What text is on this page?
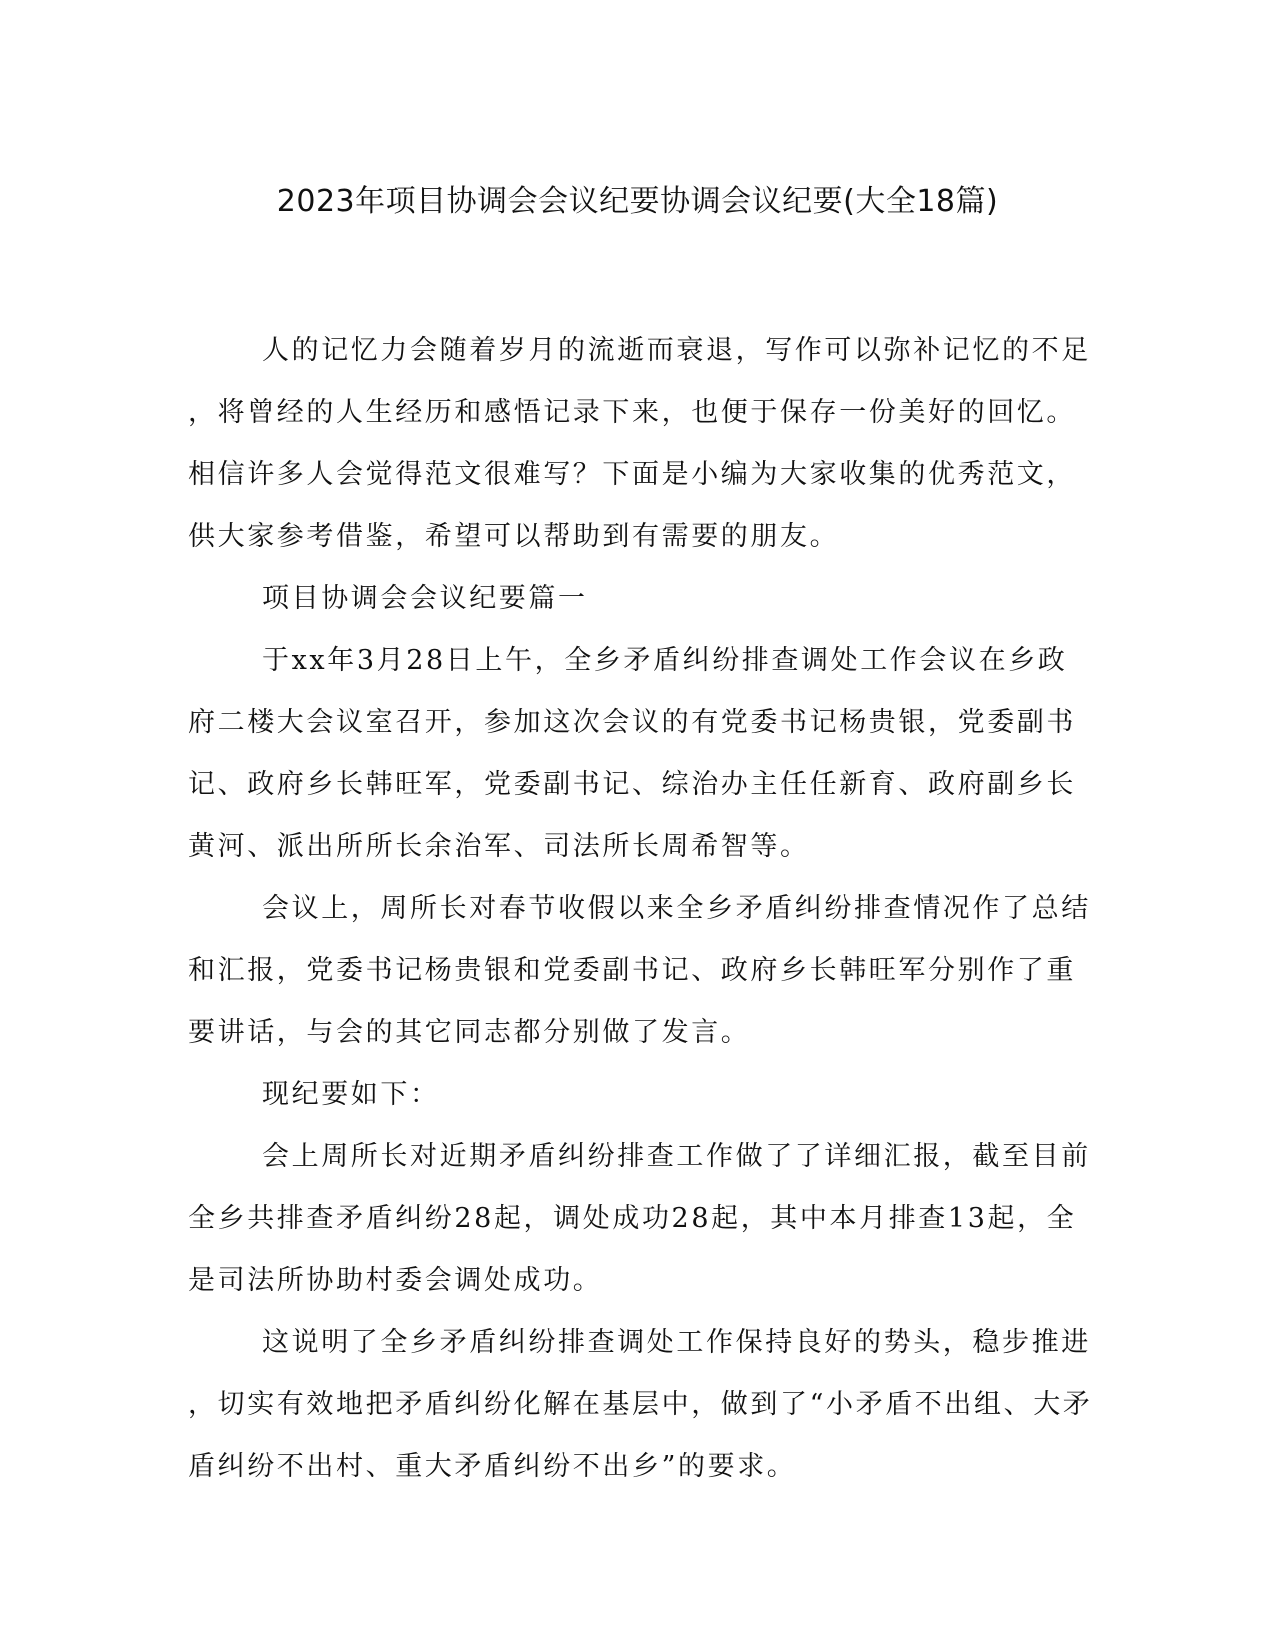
2023年项目协调会会议纪要协调会议纪要(大全18篇)
人的记忆力会随着岁月的流逝而衰退，写作可以弥补记忆的不足
，将曾经的人生经历和感悟记录下来，也便于保存一份美好的回忆。
相信许多人会觉得范文很难写？下面是小编为大家收集的优秀范文，
供大家参考借鉴，希望可以帮助到有需要的朋友。
项目协调会会议纪要篇一
于xx年3月28日上午，全乡矛盾纠纷排查调处工作会议在乡政
府二楼大会议室召开，参加这次会议的有党委书记杨贵银，党委副书
记、政府乡长韩旺军，党委副书记、综治办主任任新育、政府副乡长
黄河、派出所所长余治军、司法所长周希智等。
会议上，周所长对春节收假以来全乡矛盾纠纷排查情况作了总结
和汇报，党委书记杨贵银和党委副书记、政府乡长韩旺军分别作了重
要讲话，与会的其它同志都分别做了发言。
现纪要如下：
会上周所长对近期矛盾纠纷排查工作做了了详细汇报，截至目前
全乡共排查矛盾纠纷28起，调处成功28起，其中本月排查13起，全
是司法所协助村委会调处成功。
这说明了全乡矛盾纠纷排查调处工作保持良好的势头，稳步推进
，切实有效地把矛盾纠纷化解在基层中，做到了“小矛盾不出组、大矛
盾纠纷不出村、重大矛盾纠纷不出乡”的要求。
